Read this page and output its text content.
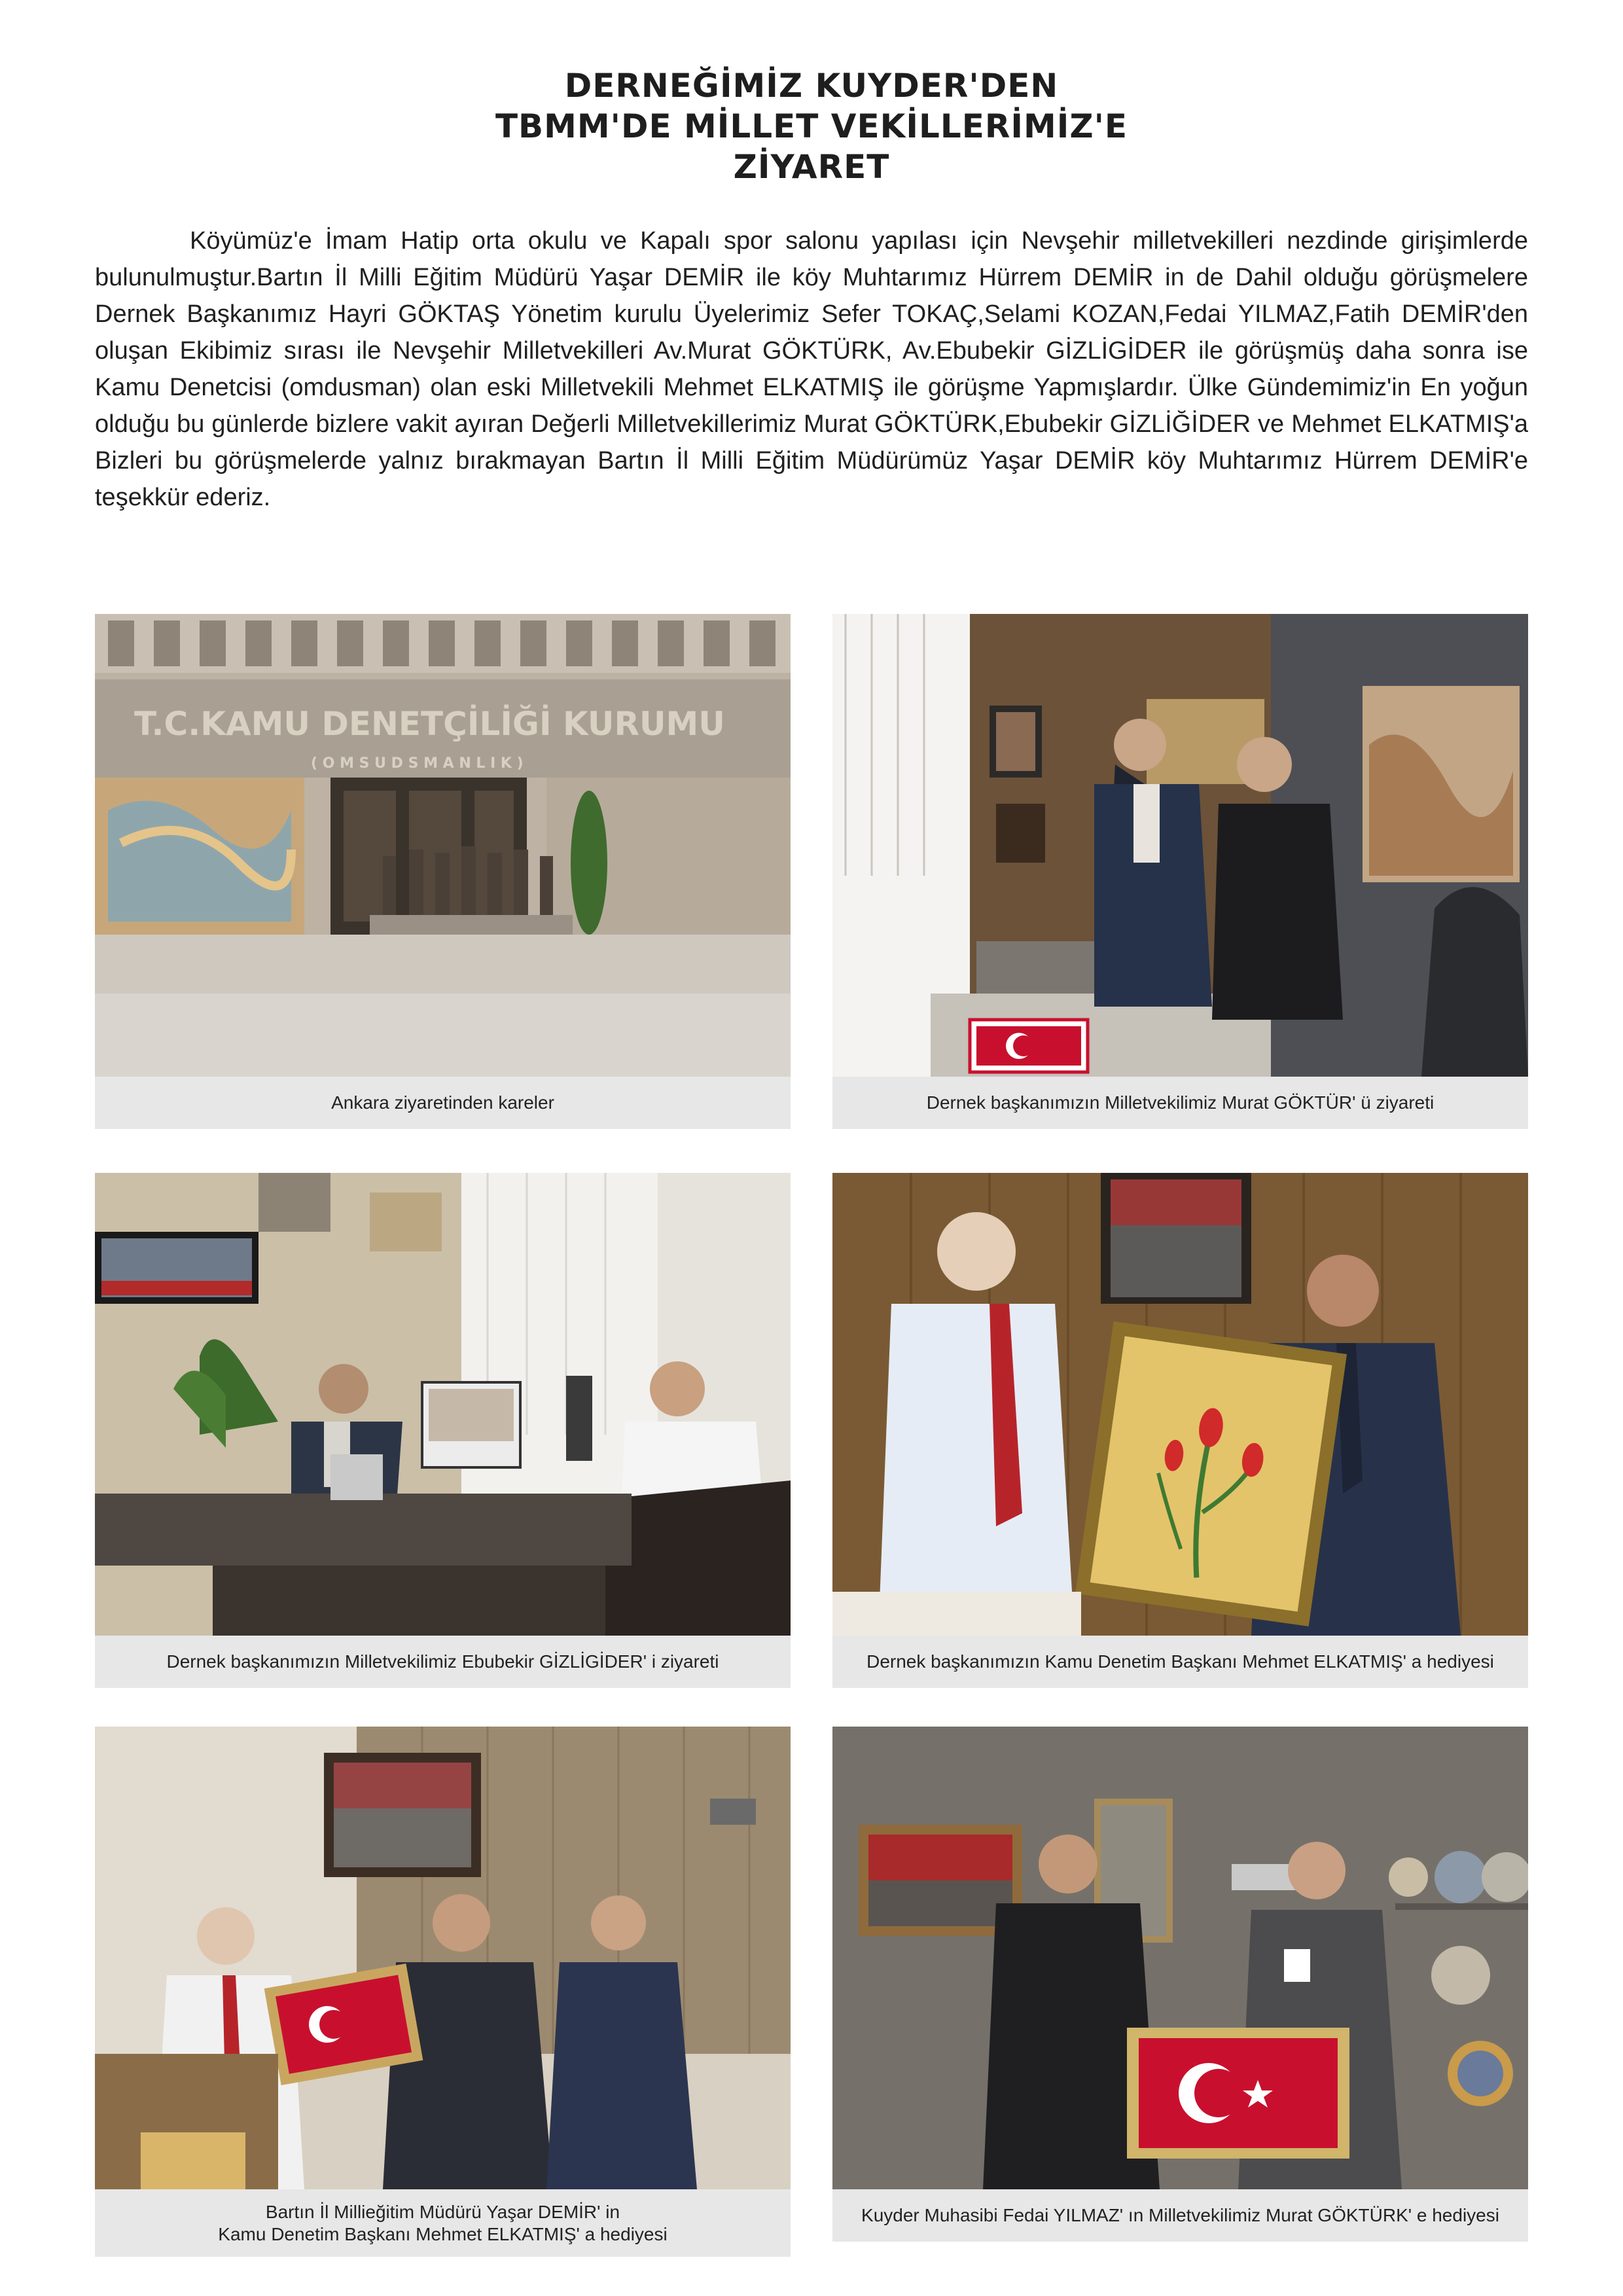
DERNEĞİMİZ KUYDER'DEN
TBMM'DE MİLLET VEKİLLERİMİZ'E
ZİYARET

Köyümüz'e İmam Hatip orta okulu ve Kapalı spor salonu yapılası için Nevşehir milletvekilleri nezdinde girişimlerde bulunulmuştur.Bartın İl Milli Eğitim Müdürü Yaşar DEMİR ile köy Muhtarımız Hürrem DEMİR in de Dahil olduğu görüşmelere Dernek Başkanımız Hayri GÖKTAŞ Yönetim kurulu Üyelerimiz Sefer TOKAÇ,Selami KOZAN,Fedai YILMAZ,Fatih DEMİR'den oluşan Ekibimiz sırası ile Nevşehir Milletvekilleri Av.Murat GÖKTÜRK, Av.Ebubekir GİZLİGİDER ile görüşmüş daha sonra ise Kamu Denetcisi (omdusman) olan eski Milletvekili Mehmet ELKATMIŞ ile görüşme Yapmışlardır. Ülke Gündemimiz'in En yoğun olduğu bu günlerde bizlere vakit ayıran Değerli Milletvekillerimiz Murat GÖKTÜRK,Ebubekir GİZLİĞİDER ve Mehmet ELKATMIŞ'a Bizleri bu görüşmelerde yalnız bırakmayan Bartın İl Milli Eğitim Müdürümüz Yaşar DEMİR köy Muhtarımız Hürrem DEMİR'e teşekkür ederiz.

T.C.KAMU DENETÇİLİĞİ KURUMU
( O M S U D S M A N L I K )
Ankara ziyaretinden kareler	Dernek başkanımızın Milletvekilimiz Murat GÖKTÜR' ü ziyareti
Dernek başkanımızın Milletvekilimiz Ebubekir GİZLİGİDER' i ziyareti	Dernek başkanımızın Kamu Denetim Başkanı Mehmet ELKATMIŞ' a hediyesi
Bartın İl Millieğitim Müdürü Yaşar DEMİR' in
Kamu Denetim Başkanı Mehmet ELKATMIŞ' a hediyesi
Kuyder Muhasibi Fedai YILMAZ' ın Milletvekilimiz Murat GÖKTÜRK' e hediyesi
